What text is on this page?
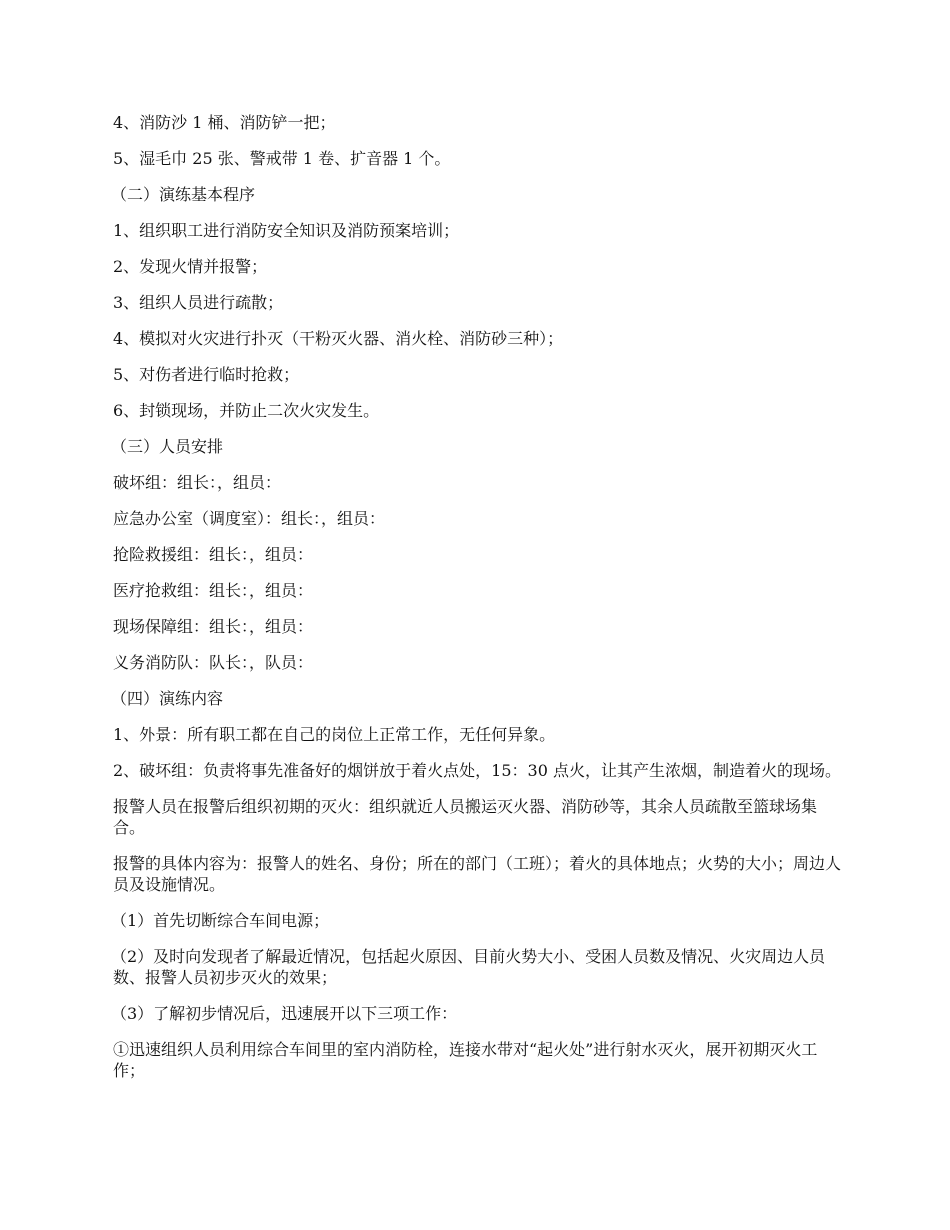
4、消防沙 1 桶、消防铲一把；

5、湿毛巾 25 张、警戒带 1 卷、扩音器 1 个。

（二）演练基本程序

1、组织职工进行消防安全知识及消防预案培训；

2、发现火情并报警；

3、组织人员进行疏散；

4、模拟对火灾进行扑灭（干粉灭火器、消火栓、消防砂三种）；

5、对伤者进行临时抢救；

6、封锁现场，并防止二次火灾发生。

（三）人员安排

破坏组：组长：，组员：

应急办公室（调度室）：组长：，组员：

抢险救援组：组长：，组员：

医疗抢救组：组长：，组员：

现场保障组：组长：，组员：

义务消防队：队长：，队员：

（四）演练内容

1、外景：所有职工都在自己的岗位上正常工作，无任何异象。

2、破坏组：负责将事先准备好的烟饼放于着火点处，15：30 点火，让其产生浓烟，制造着火的现场。

报警人员在报警后组织初期的灭火：组织就近人员搬运灭火器、消防砂等，其余人员疏散至篮球场集合。

报警的具体内容为：报警人的姓名、身份；所在的部门（工班）；着火的具体地点；火势的大小；周边人员及设施情况。

（1）首先切断综合车间电源；

（2）及时向发现者了解最近情况，包括起火原因、目前火势大小、受困人员数及情况、火灾周边人员数、报警人员初步灭火的效果；

（3）了解初步情况后，迅速展开以下三项工作：

①迅速组织人员利用综合车间里的室内消防栓，连接水带对“起火处”进行射水灭火，展开初期灭火工作；
